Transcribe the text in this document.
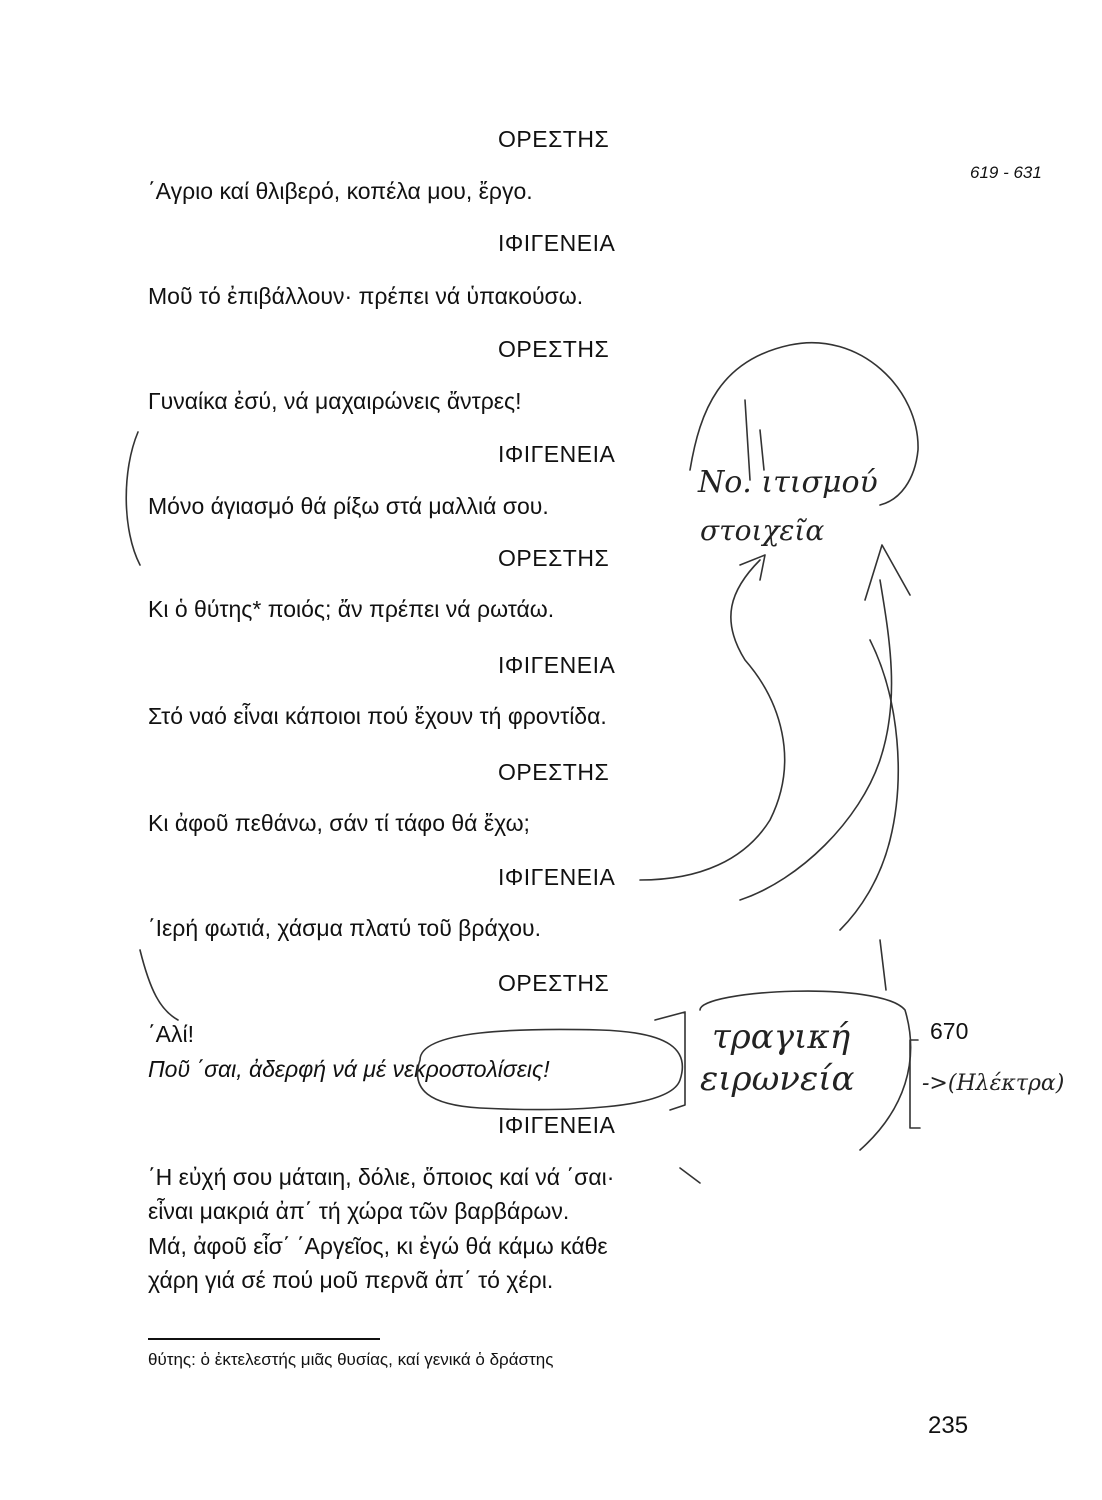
619 - 631
ΟΡΕΣΤΗΣ
΄Αγριο καί θλιβερό, κοπέλα μου, ἔργο.
ΙΦΙΓΕΝΕΙΑ
Μοῦ τό ἐπιβάλλουν· πρέπει νά ὑπακούσω.
ΟΡΕΣΤΗΣ
Γυναίκα ἐσύ, νά μαχαιρώνεις ἄντρες!
ΙΦΙΓΕΝΕΙΑ
Μόνο άγιασμό θά ρίξω στά μαλλιά σου.
ΟΡΕΣΤΗΣ
Κι ὁ θύτης* ποιός; ἄν πρέπει νά ρωτάω.
ΙΦΙΓΕΝΕΙΑ
Στό ναό εἶναι κάποιοι πού ἔχουν τή φροντίδα.
ΟΡΕΣΤΗΣ
Κι ἀφοῦ πεθάνω, σάν τί τάφο θά ἔχω;
ΙΦΙΓΕΝΕΙΑ
΄Ιερή φωτιά, χάσμα πλατύ τοῦ βράχου.
ΟΡΕΣΤΗΣ
΄Αλί!
Ποῦ ΄σαι, ἀδερφή νά μέ νεκροστολίσεις!
670
ΙΦΙΓΕΝΕΙΑ
΄Η εὐχή σου μάταιη, δόλιε, ὅποιος καί νά ΄σαι·
εἶναι μακριά ἀπ΄ τή χώρα τῶν βαρβάρων.
Μά, ἀφοῦ εἶσ΄ ΄Αργεῖος, κι ἐγώ θά κάμω κάθε
χάρη γιά σέ πού μοῦ περνᾶ ἀπ΄ τό χέρι.
θύτης: ὁ ἐκτελεστής μιᾶς θυσίας, καί γενικά ὁ δράστης
235
Νο. ιτισμού
στοιχεῖα
τραγική
ειρωνεία	->(Ηλέκτρα)
